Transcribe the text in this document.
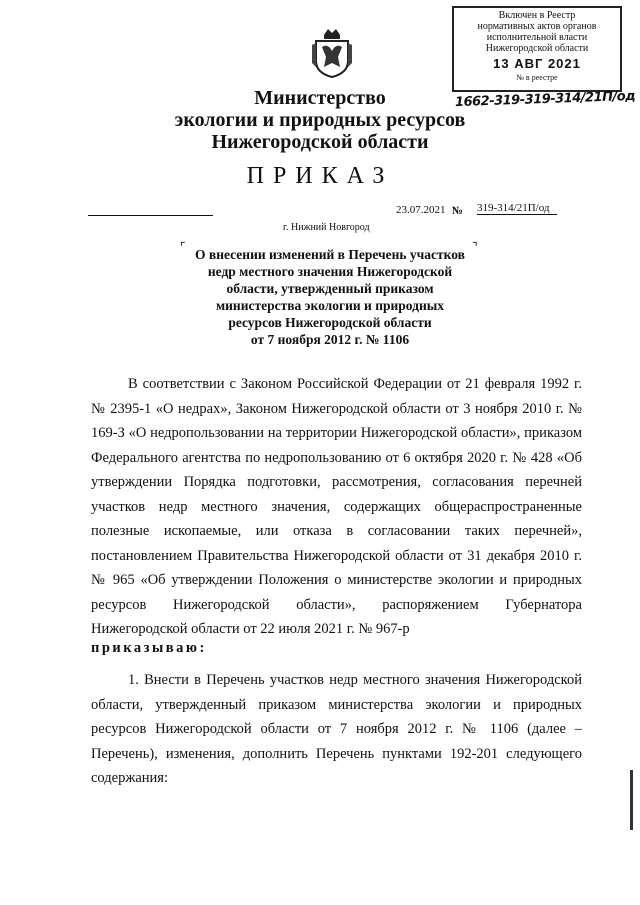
Включен в Реестр
нормативных актов органов
исполнительной власти
Нижегородской области
13 АВГ 2021
№ в реестре
1662-319-319-314/21П/од
Министерство
экологии и природных ресурсов
Нижегородской области
ПРИКАЗ
23.07.2021 № 319-314/21П/од
г. Нижний Новгород
⌜	⌝
О внесении изменений в Перечень участков
недр местного значения Нижегородской
области, утвержденный приказом
министерства экологии и природных
ресурсов Нижегородской области
от 7 ноября 2012 г. № 1106
В соответствии с Законом Российской Федерации от 21 февраля 1992 г. № 2395-1 «О недрах», Законом Нижегородской области от 3 ноября 2010 г. № 169-З «О недропользовании на территории Нижегородской области», приказом Федерального агентства по недропользованию от 6 октября 2020 г. № 428 «Об утверждении Порядка подготовки, рассмотрения, согласования перечней участков недр местного значения, содержащих общераспространенные полезные ископаемые, или отказа в согласовании таких перечней», постановлением Правительства Нижегородской области от 31 декабря 2010 г. № 965 «Об утверждении Положения о министерстве экологии и природных ресурсов Нижегородской области», распоряжением Губернатора Нижегородской области от 22 июля 2021 г. № 967-р
приказываю:
1. Внести в Перечень участков недр местного значения Нижегородской области, утвержденный приказом министерства экологии и природных ресурсов Нижегородской области от 7 ноября 2012 г. № 1106 (далее – Перечень), изменения, дополнить Перечень пунктами 192-201 следующего содержания:
